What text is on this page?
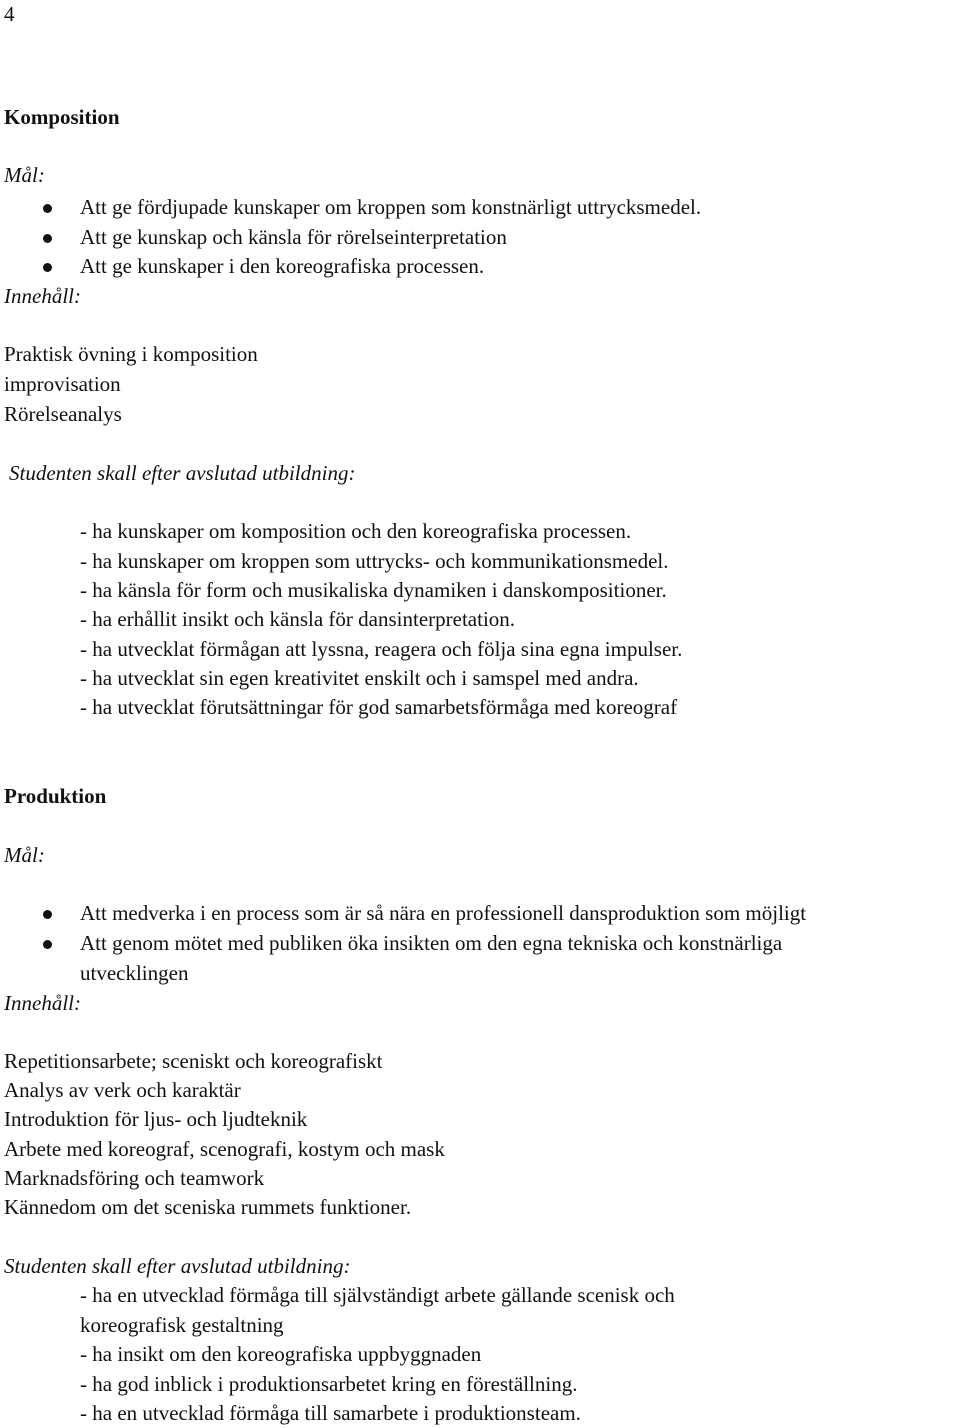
4
Komposition
Mål:
Att ge fördjupade kunskaper om kroppen som konstnärligt uttrycksmedel.
Att ge kunskap och känsla för rörelseinterpretation
Att ge kunskaper i den koreografiska processen.
Innehåll:
Praktisk övning i komposition
improvisation
Rörelseanalys
Studenten skall efter avslutad utbildning:
- ha kunskaper om komposition och den koreografiska processen.
- ha kunskaper om kroppen som uttrycks- och kommunikationsmedel.
- ha känsla för form och musikaliska dynamiken i danskompositioner.
- ha erhållit insikt och känsla för dansinterpretation.
- ha utvecklat förmågan att lyssna, reagera och följa sina egna impulser.
- ha utvecklat sin egen kreativitet enskilt och i samspel med andra.
- ha utvecklat förutsättningar för god samarbetsförmåga med koreograf
Produktion
Mål:
Att medverka i en process som är så nära en professionell dansproduktion som möjligt
Att genom mötet med publiken öka insikten om den egna tekniska och konstnärliga
utvecklingen
Innehåll:
Repetitionsarbete; sceniskt och koreografiskt
Analys av verk och karaktär
Introduktion för ljus- och ljudteknik
Arbete med koreograf, scenografi, kostym och mask
Marknadsföring och teamwork
Kännedom om det sceniska rummets funktioner.
Studenten skall efter avslutad utbildning:
- ha en utvecklad förmåga till självständigt arbete gällande scenisk och
koreografisk gestaltning
- ha insikt om den koreografiska uppbyggnaden
- ha god inblick i produktionsarbetet kring en föreställning.
- ha en utvecklad förmåga till samarbete i produktionsteam.
